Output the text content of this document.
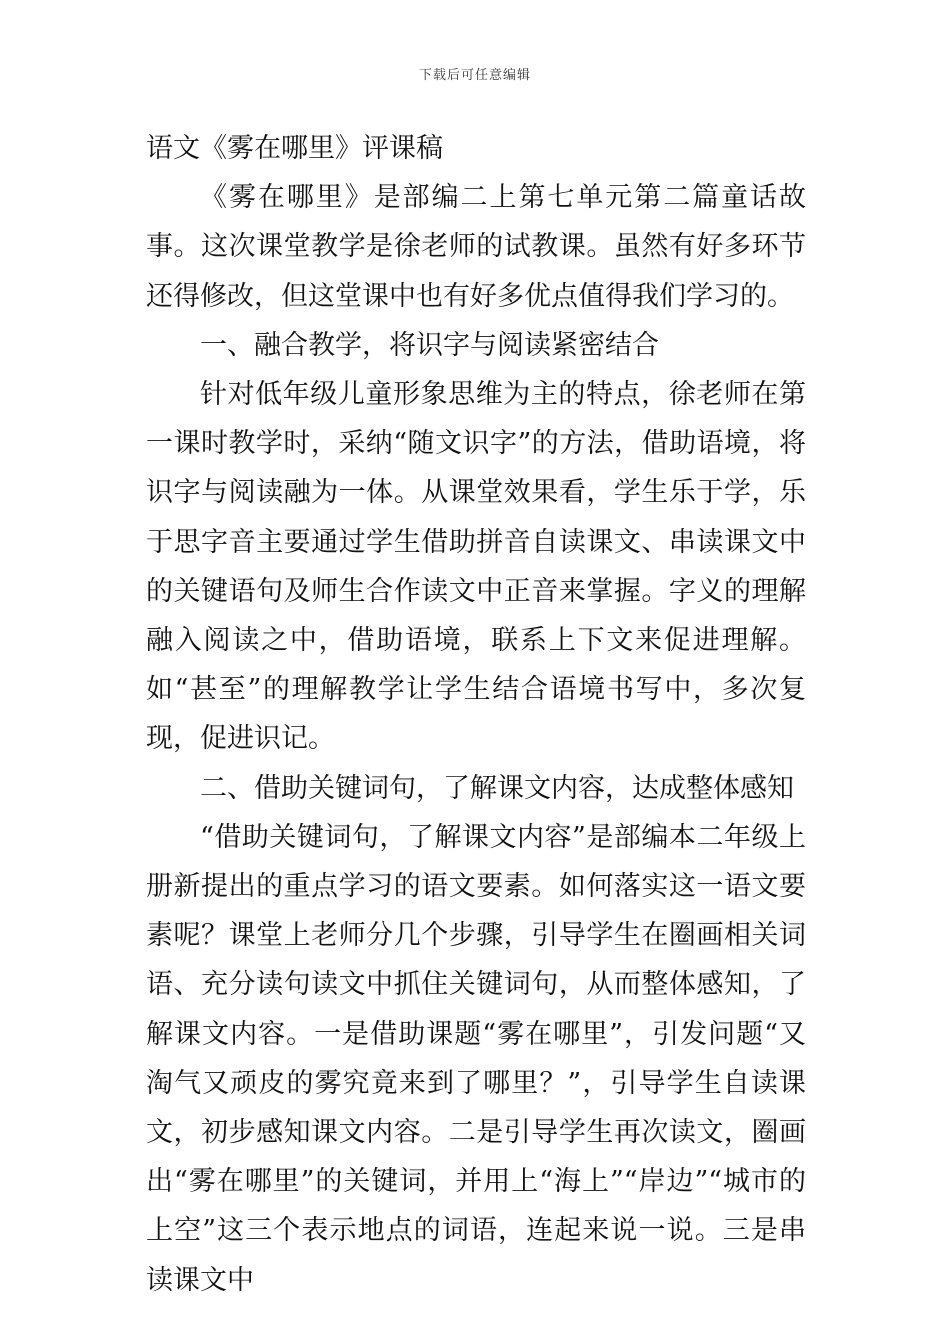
下载后可任意编辑

语文《雾在哪里》评课稿

《雾在哪里》是部编二上第七单元第二篇童话故事。这次课堂教学是徐老师的试教课。虽然有好多环节还得修改，但这堂课中也有好多优点值得我们学习的。

一、融合教学，将识字与阅读紧密结合

针对低年级儿童形象思维为主的特点，徐老师在第一课时教学时，采纳“随文识字”的方法，借助语境，将识字与阅读融为一体。从课堂效果看，学生乐于学，乐于思字音主要通过学生借助拼音自读课文、串读课文中的关键语句及师生合作读文中正音来掌握。字义的理解融入阅读之中，借助语境，联系上下文来促进理解。如“甚至”的理解教学让学生结合语境书写中，多次复现，促进识记。

二、借助关键词句，了解课文内容，达成整体感知

“借助关键词句，了解课文内容”是部编本二年级上册新提出的重点学习的语文要素。如何落实这一语文要素呢？课堂上老师分几个步骤，引导学生在圈画相关词语、充分读句读文中抓住关键词句，从而整体感知，了解课文内容。一是借助课题“雾在哪里”，引发问题“又淘气又顽皮的雾究竟来到了哪里？”，引导学生自读课文，初步感知课文内容。二是引导学生再次读文，圈画出“雾在哪里”的关键词，并用上“海上”“岸边”“城市的上空”这三个表示地点的词语，连起来说一说。三是串读课文中
